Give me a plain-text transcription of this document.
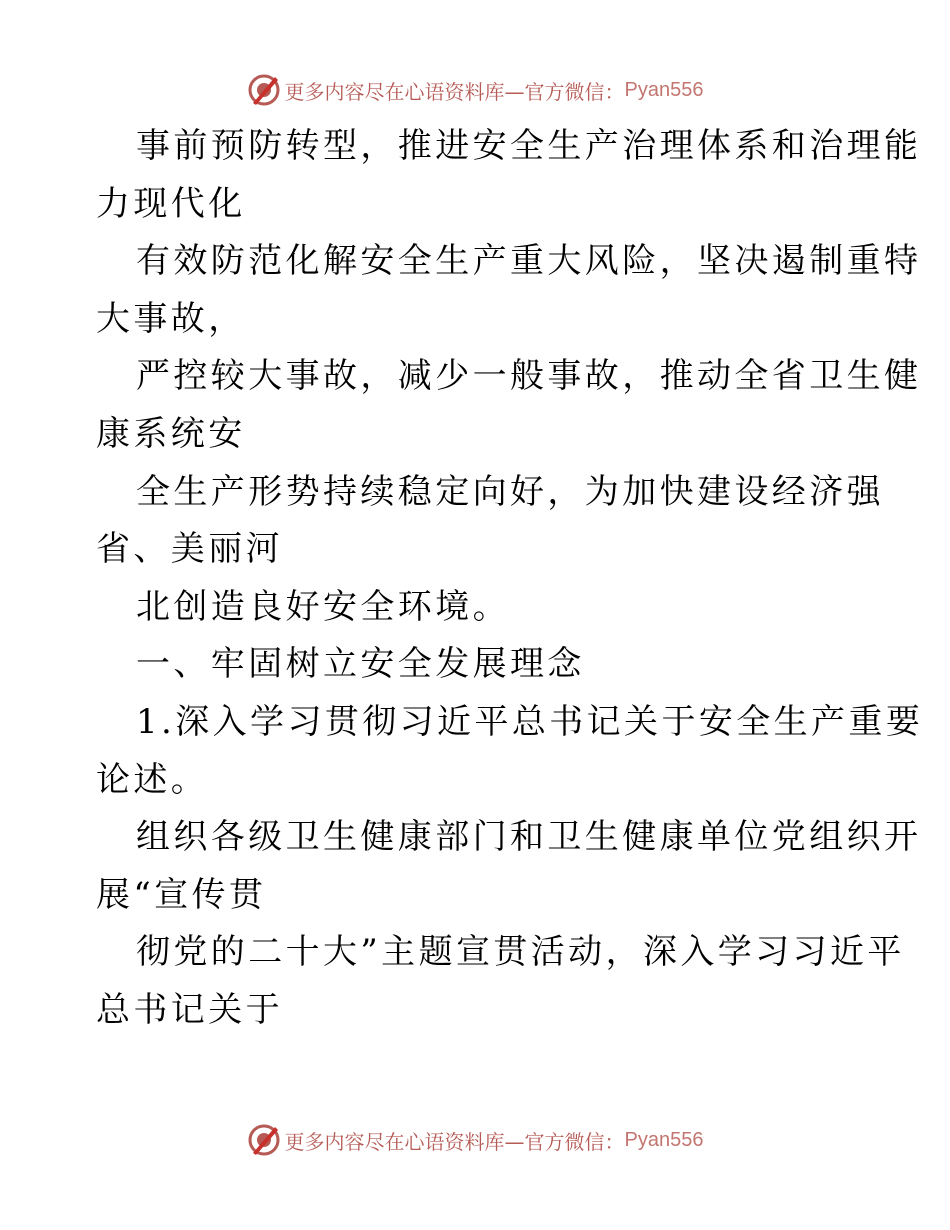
更多内容尽在心语资料库—官方微信： Pyan556
事前预防转型，推进安全生产治理体系和治理能
力现代化
有效防范化解安全生产重大风险，坚决遏制重特
大事故，
严控较大事故，减少一般事故，推动全省卫生健
康系统安
全生产形势持续稳定向好，为加快建设经济强
省、美丽河
北创造良好安全环境。
一、牢固树立安全发展理念
1.深入学习贯彻习近平总书记关于安全生产重要
论述。
组织各级卫生健康部门和卫生健康单位党组织开
展“宣传贯
彻党的二十大”主题宣贯活动，深入学习习近平
总书记关于
更多内容尽在心语资料库—官方微信： Pyan556
